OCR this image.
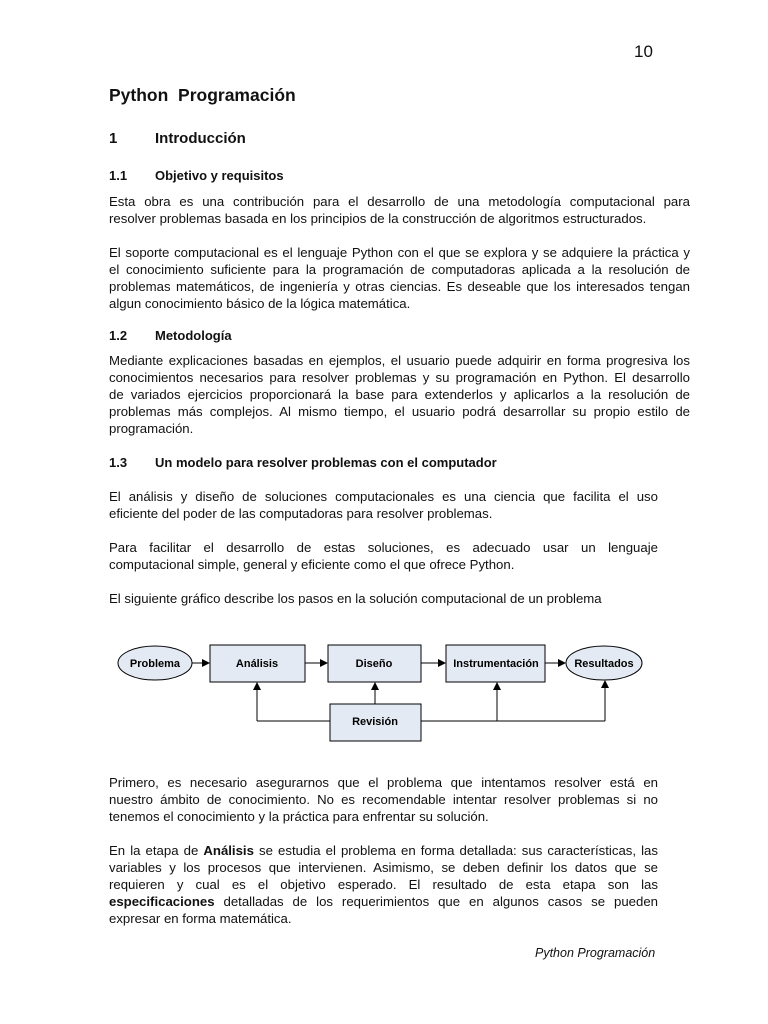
10
Python  Programación
1	Introducción
1.1 Objetivo y requisitos

Esta obra es una contribución para el desarrollo de una metodología computacional para
resolver problemas basada en los principios de la construcción de algoritmos estructurados.

El soporte computacional es el lenguaje Python con el que se explora y se adquiere la práctica y
el conocimiento suficiente para la programación de computadoras aplicada a la resolución de
problemas matemáticos, de ingeniería y otras ciencias. Es deseable que los interesados tengan
algun conocimiento básico de la lógica matemática.

1.2 Metodología

Mediante explicaciones basadas en ejemplos, el usuario puede adquirir en forma progresiva los
conocimientos necesarios para resolver problemas y su programación en Python. El desarrollo
de variados ejercicios proporcionará la base para extenderlos y aplicarlos a la resolución de
problemas más complejos. Al mismo tiempo, el usuario podrá desarrollar su propio estilo de
programación.

1.3 Un modelo para resolver problemas con el computador

El análisis y diseño de soluciones computacionales es una ciencia que facilita el uso
eficiente del poder de las computadoras para resolver problemas.

Para facilitar el desarrollo de estas soluciones, es adecuado usar un lenguaje
computacional simple, general y eficiente como el que ofrece Python.

El siguiente gráfico describe los pasos en la solución computacional de un problema

Problema	Análisis	Diseño	Instrumentación	Resultados
Revisión

Primero, es necesario asegurarnos que el problema que intentamos resolver está en
nuestro ámbito de conocimiento. No es recomendable intentar resolver problemas si no
tenemos el conocimiento y la práctica para enfrentar su solución.

En la etapa de Análisis se estudia el problema en forma detallada: sus características, las
variables y los procesos que intervienen. Asimismo, se deben definir los datos que se
requieren y cual es el objetivo esperado. El resultado de esta etapa son las
especificaciones detalladas de los requerimientos que en algunos casos se pueden
expresar en forma matemática.

Python Programación
